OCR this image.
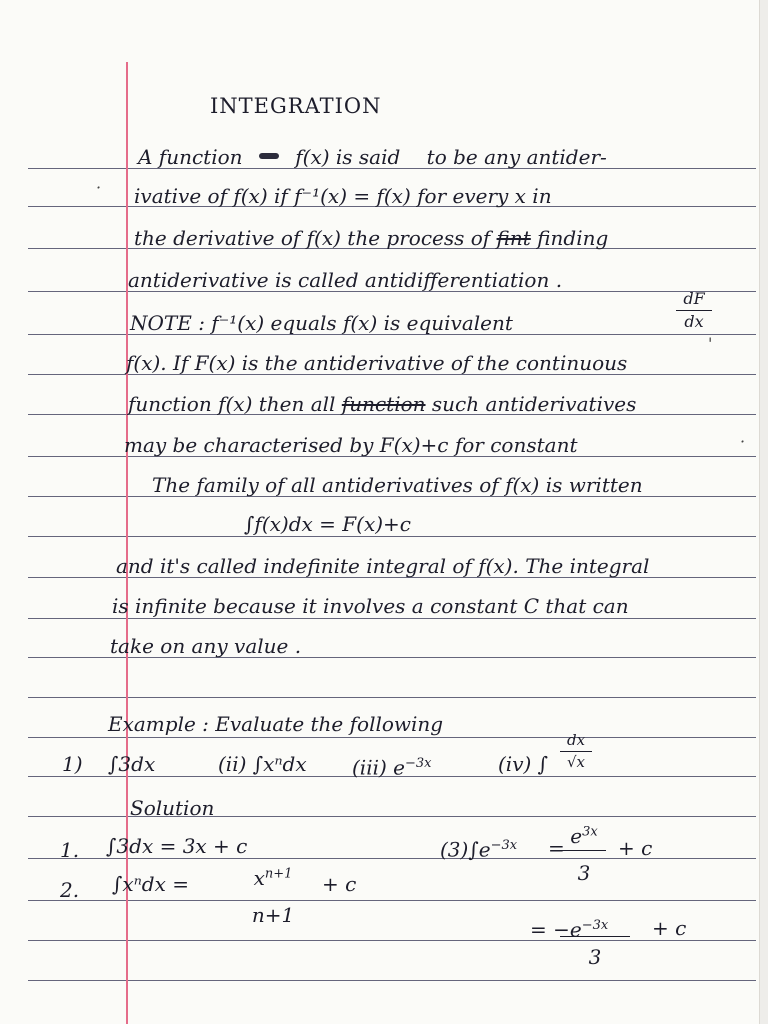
·
·
'
INTEGRATION
A function	f(x) is said to be any antider-
ivative of f(x) if f⁻¹(x) = f(x) for every x in
the derivative of f(x) the process of fint finding
antiderivative is called antidifferentiation .
NOTE : f⁻¹(x) equals f(x) is equivalent
dF
dx
f(x). If F(x) is the antiderivative of the continuous
function f(x) then all function such antiderivatives
may be characterised by F(x)+c for constant
The family of all antiderivatives of f(x) is written
∫f(x)dx = F(x)+c
and it's called indefinite integral of f(x). The integral
is infinite because it involves a constant C that can
take on any value .
Example : Evaluate the following
1) ∫3dx	(ii) ∫xⁿdx (iii) $e^{-3x}$	(iv) ∫
dx
√x
Solution
1. ∫3dx = 3x + c
2. ∫xⁿdx =	$x^{n+1}$
n+1
+ c
$(3)\int e^{-3x}$ =
$e^{3x}$
3
+ c
= $-e^{-3x}$
3
+ c
